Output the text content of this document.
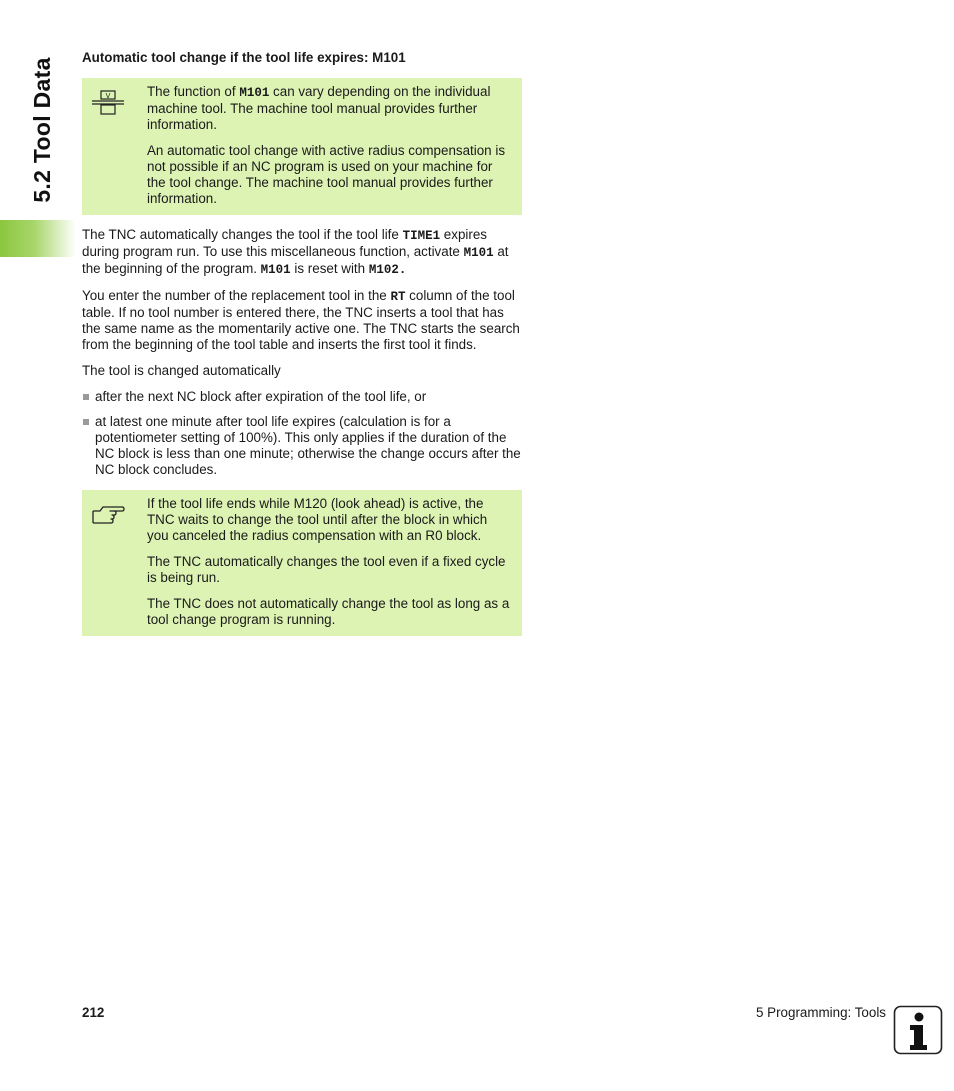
5.2 Tool Data Automatic tool change if the tool life expires: M101
V	The function of M101 can vary depending on the individual machine tool. The machine tool manual provides further information.

An automatic tool change with active radius compensation is not possible if an NC program is used on your machine for the tool change. The machine tool manual provides further information.

The TNC automatically changes the tool if the tool life TIME1 expires during program run. To use this miscellaneous function, activate M101 at the beginning of the program. M101 is reset with M102.

You enter the number of the replacement tool in the RT column of the tool table. If no tool number is entered there, the TNC inserts a tool that has the same name as the momentarily active one. The TNC starts the search from the beginning of the tool table and inserts the first tool it finds.

The tool is changed automatically

after the next NC block after expiration of the tool life, or
at latest one minute after tool life expires (calculation is for a potentiometer setting of 100%). This only applies if the duration of the NC block is less than one minute; otherwise the change occurs after the NC block concludes.

If the tool life ends while M120 (look ahead) is active, the TNC waits to change the tool until after the block in which you canceled the radius compensation with an R0 block.

The TNC automatically changes the tool even if a fixed cycle is being run.

The TNC does not automatically change the tool as long as a tool change program is running.

212	5 Programming: Tools
